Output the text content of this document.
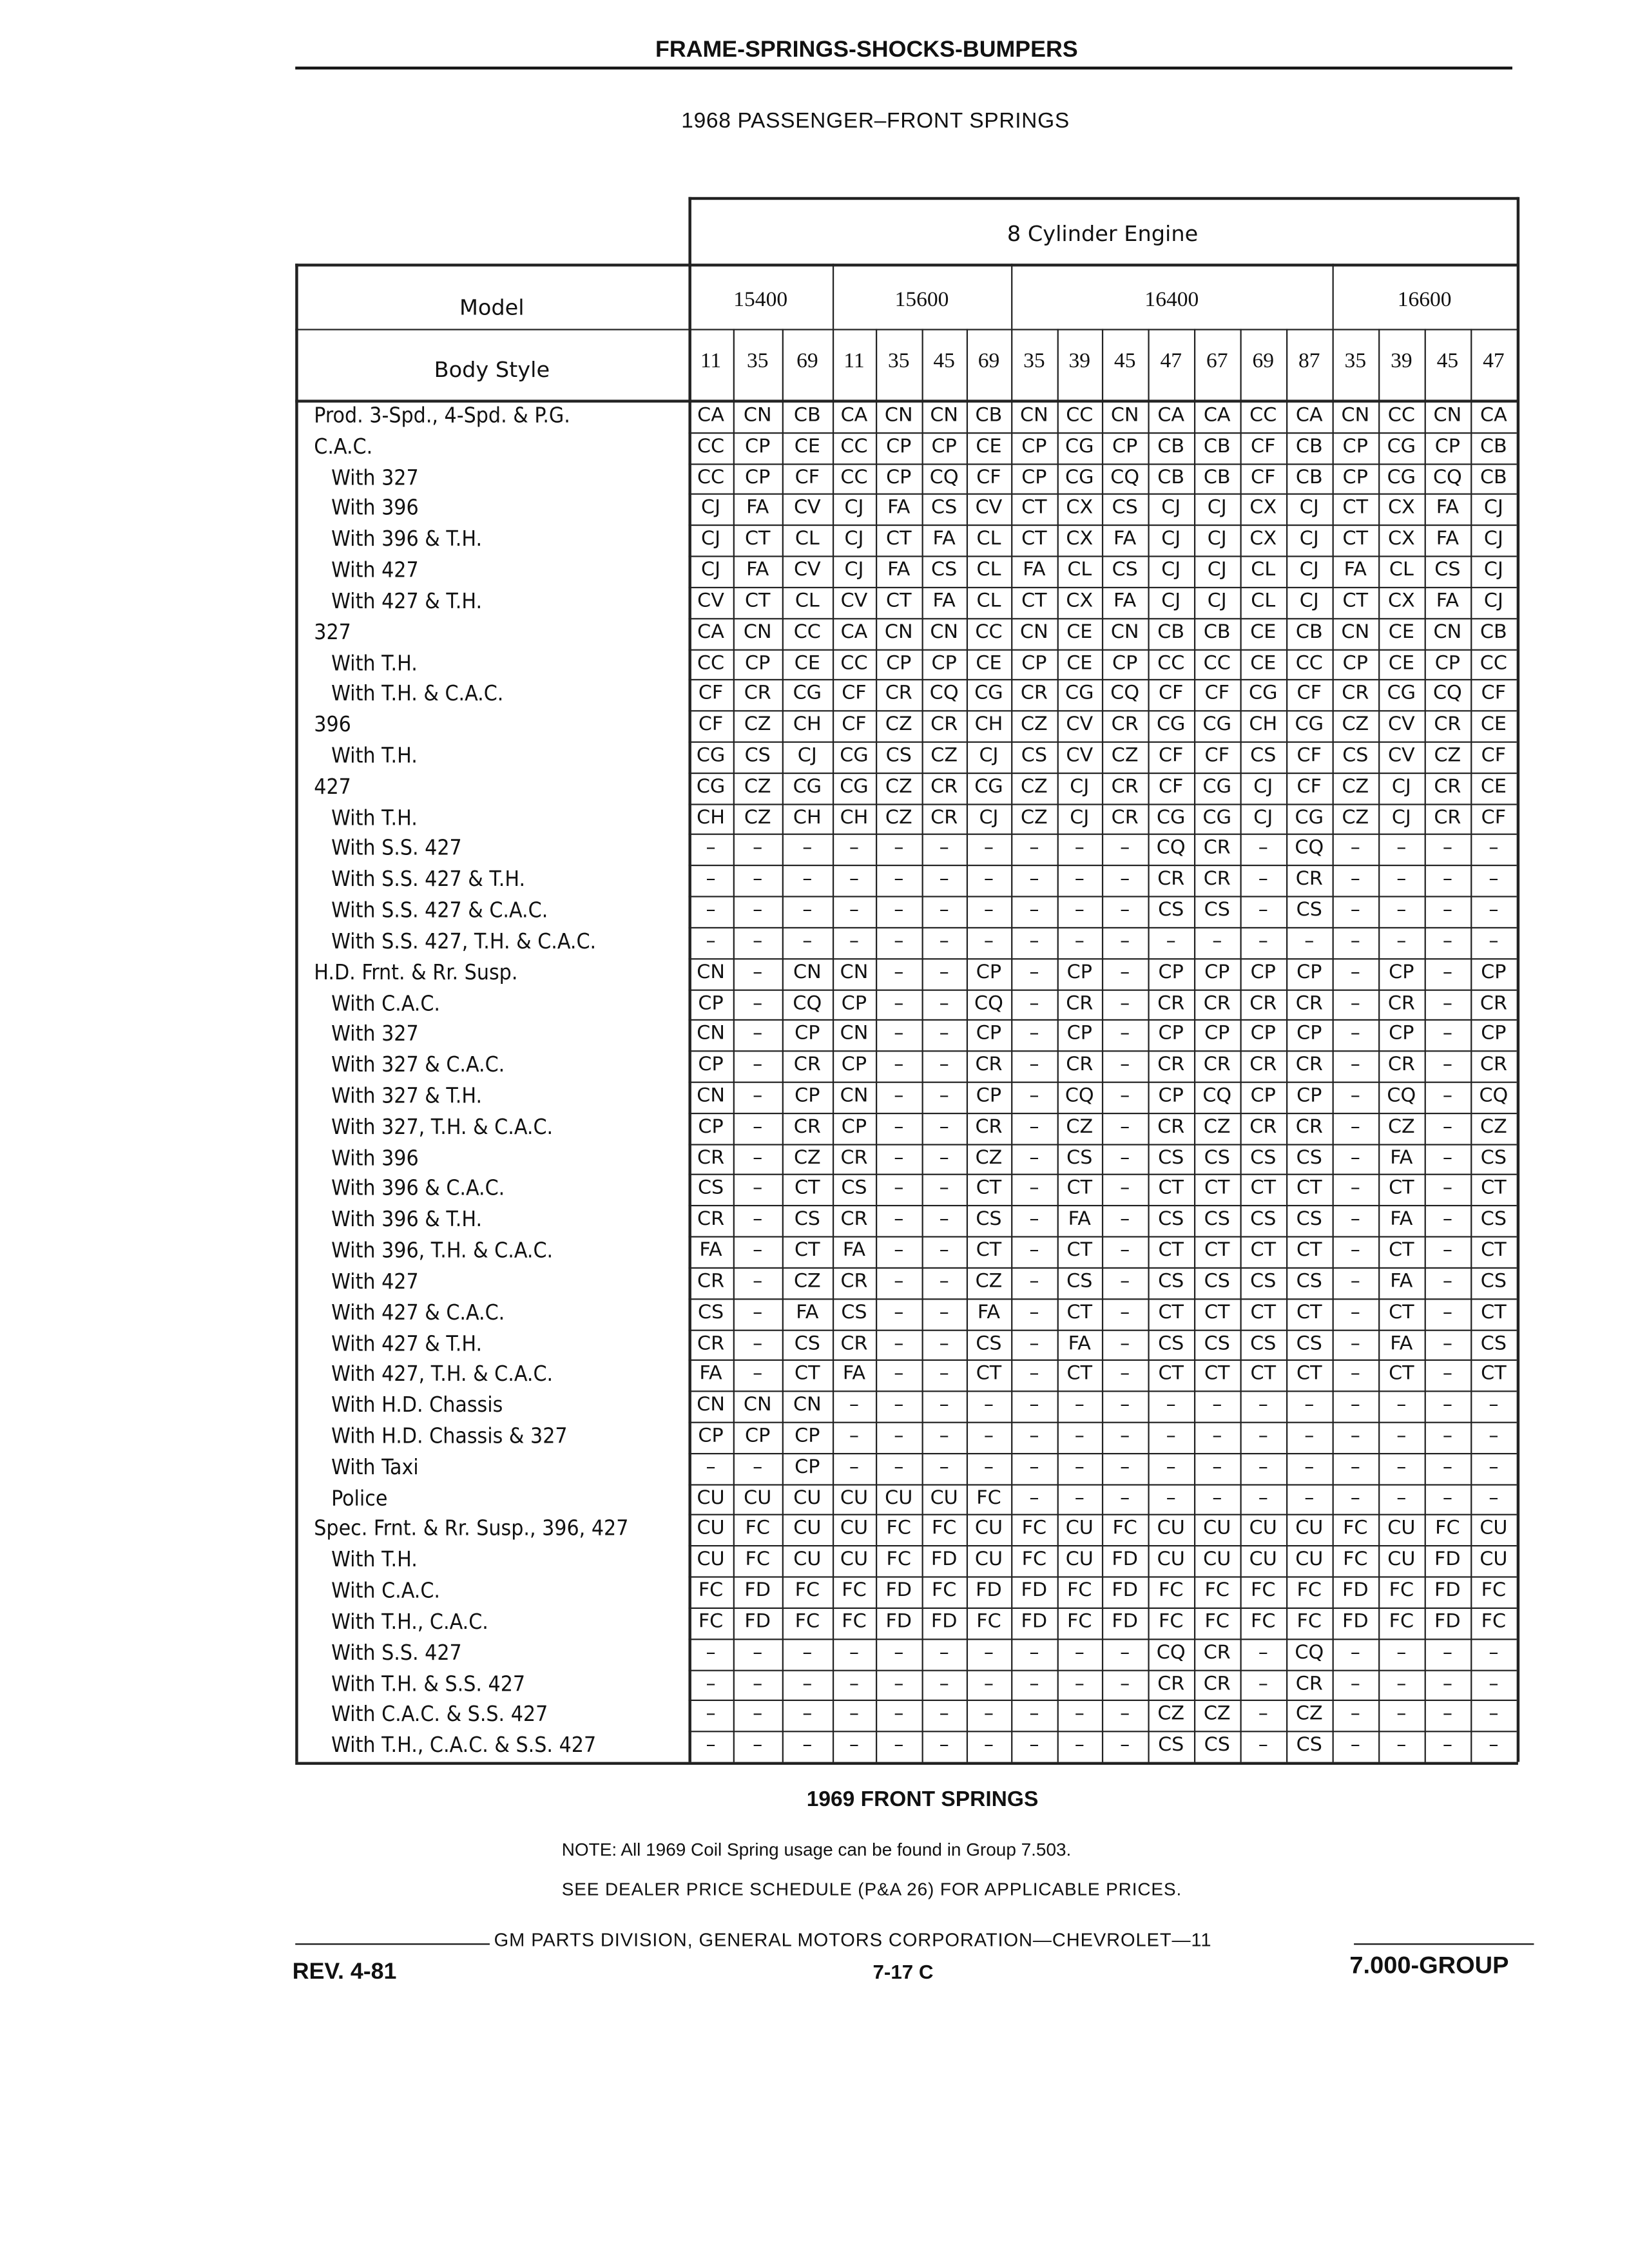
FRAME-SPRINGS-SHOCKS-BUMPERS
1968 PASSENGER–FRONT SPRINGS
8 Cylinder Engine
Model
Body Style
15400	15600	16400	16600
11	35	69	11	35	45	69	35	39	45	47	67	69	87	35	39	45	47
Prod. 3-Spd., 4-Spd. & P.G.	CA	CN	CB	CA	CN	CN	CB	CN	CC	CN	CA	CA	CC	CA	CN	CC	CN	CA
C.A.C.	CC	CP	CE	CC	CP	CP	CE	CP	CG	CP	CB	CB	CF	CB	CP	CG	CP	CB
With 327	CC	CP	CF	CC	CP	CQ	CF	CP	CG	CQ	CB	CB	CF	CB	CP	CG	CQ	CB
With 396	CJ	FA	CV	CJ	FA	CS	CV	CT	CX	CS	CJ	CJ	CX	CJ	CT	CX	FA	CJ
With 396 & T.H.	CJ	CT	CL	CJ	CT	FA	CL	CT	CX	FA	CJ	CJ	CX	CJ	CT	CX	FA	CJ
With 427	CJ	FA	CV	CJ	FA	CS	CL	FA	CL	CS	CJ	CJ	CL	CJ	FA	CL	CS	CJ
With 427 & T.H.	CV	CT	CL	CV	CT	FA	CL	CT	CX	FA	CJ	CJ	CL	CJ	CT	CX	FA	CJ
327	CA	CN	CC	CA	CN	CN	CC	CN	CE	CN	CB	CB	CE	CB	CN	CE	CN	CB
With T.H.	CC	CP	CE	CC	CP	CP	CE	CP	CE	CP	CC	CC	CE	CC	CP	CE	CP	CC
With T.H. & C.A.C.	CF	CR	CG	CF	CR	CQ	CG	CR	CG	CQ	CF	CF	CG	CF	CR	CG	CQ	CF
396	CF	CZ	CH	CF	CZ	CR	CH	CZ	CV	CR	CG	CG	CH	CG	CZ	CV	CR	CE
With T.H.	CG	CS	CJ	CG	CS	CZ	CJ	CS	CV	CZ	CF	CF	CS	CF	CS	CV	CZ	CF
427	CG	CZ	CG	CG	CZ	CR	CG	CZ	CJ	CR	CF	CG	CJ	CF	CZ	CJ	CR	CE
With T.H.	CH	CZ	CH	CH	CZ	CR	CJ	CZ	CJ	CR	CG	CG	CJ	CG	CZ	CJ	CR	CF
With S.S. 427	–	–	–	–	–	–	–	–	–	–	CQ	CR	–	CQ	–	–	–	–
With S.S. 427 & T.H.	–	–	–	–	–	–	–	–	–	–	CR	CR	–	CR	–	–	–	–
With S.S. 427 & C.A.C.	–	–	–	–	–	–	–	–	–	–	CS	CS	–	CS	–	–	–	–
With S.S. 427, T.H. & C.A.C.	–	–	–	–	–	–	–	–	–	–	–	–	–	–	–	–	–	–
H.D. Frnt. & Rr. Susp.	CN	–	CN	CN	–	–	CP	–	CP	–	CP	CP	CP	CP	–	CP	–	CP
With C.A.C.	CP	–	CQ	CP	–	–	CQ	–	CR	–	CR	CR	CR	CR	–	CR	–	CR
With 327	CN	–	CP	CN	–	–	CP	–	CP	–	CP	CP	CP	CP	–	CP	–	CP
With 327 & C.A.C.	CP	–	CR	CP	–	–	CR	–	CR	–	CR	CR	CR	CR	–	CR	–	CR
With 327 & T.H.	CN	–	CP	CN	–	–	CP	–	CQ	–	CP	CQ	CP	CP	–	CQ	–	CQ
With 327, T.H. & C.A.C.	CP	–	CR	CP	–	–	CR	–	CZ	–	CR	CZ	CR	CR	–	CZ	–	CZ
With 396	CR	–	CZ	CR	–	–	CZ	–	CS	–	CS	CS	CS	CS	–	FA	–	CS
With 396 & C.A.C.	CS	–	CT	CS	–	–	CT	–	CT	–	CT	CT	CT	CT	–	CT	–	CT
With 396 & T.H.	CR	–	CS	CR	–	–	CS	–	FA	–	CS	CS	CS	CS	–	FA	–	CS
With 396, T.H. & C.A.C.	FA	–	CT	FA	–	–	CT	–	CT	–	CT	CT	CT	CT	–	CT	–	CT
With 427	CR	–	CZ	CR	–	–	CZ	–	CS	–	CS	CS	CS	CS	–	FA	–	CS
With 427 & C.A.C.	CS	–	FA	CS	–	–	FA	–	CT	–	CT	CT	CT	CT	–	CT	–	CT
With 427 & T.H.	CR	–	CS	CR	–	–	CS	–	FA	–	CS	CS	CS	CS	–	FA	–	CS
With 427, T.H. & C.A.C.	FA	–	CT	FA	–	–	CT	–	CT	–	CT	CT	CT	CT	–	CT	–	CT
With H.D. Chassis	CN	CN	CN	–	–	–	–	–	–	–	–	–	–	–	–	–	–	–
With H.D. Chassis & 327	CP	CP	CP	–	–	–	–	–	–	–	–	–	–	–	–	–	–	–
With Taxi	–	–	CP	–	–	–	–	–	–	–	–	–	–	–	–	–	–	–
Police	CU	CU	CU	CU	CU	CU	FC	–	–	–	–	–	–	–	–	–	–	–
Spec. Frnt. & Rr. Susp., 396, 427	CU	FC	CU	CU	FC	FC	CU	FC	CU	FC	CU	CU	CU	CU	FC	CU	FC	CU
With T.H.	CU	FC	CU	CU	FC	FD	CU	FC	CU	FD	CU	CU	CU	CU	FC	CU	FD	CU
With C.A.C.	FC	FD	FC	FC	FD	FC	FD	FD	FC	FD	FC	FC	FC	FC	FD	FC	FD	FC
With T.H., C.A.C.	FC	FD	FC	FC	FD	FD	FC	FD	FC	FD	FC	FC	FC	FC	FD	FC	FD	FC
With S.S. 427	–	–	–	–	–	–	–	–	–	–	CQ	CR	–	CQ	–	–	–	–
With T.H. & S.S. 427	–	–	–	–	–	–	–	–	–	–	CR	CR	–	CR	–	–	–	–
With C.A.C. & S.S. 427	–	–	–	–	–	–	–	–	–	–	CZ	CZ	–	CZ	–	–	–	–
With T.H., C.A.C. & S.S. 427	–	–	–	–	–	–	–	–	–	–	CS	CS	–	CS	–	–	–	–
1969 FRONT SPRINGS
NOTE: All 1969 Coil Spring usage can be found in Group 7.503.
SEE DEALER PRICE SCHEDULE (P&A 26) FOR APPLICABLE PRICES.
GM PARTS DIVISION, GENERAL MOTORS CORPORATION—CHEVROLET—11
REV. 4-81	7-17 C	7.000-GROUP
